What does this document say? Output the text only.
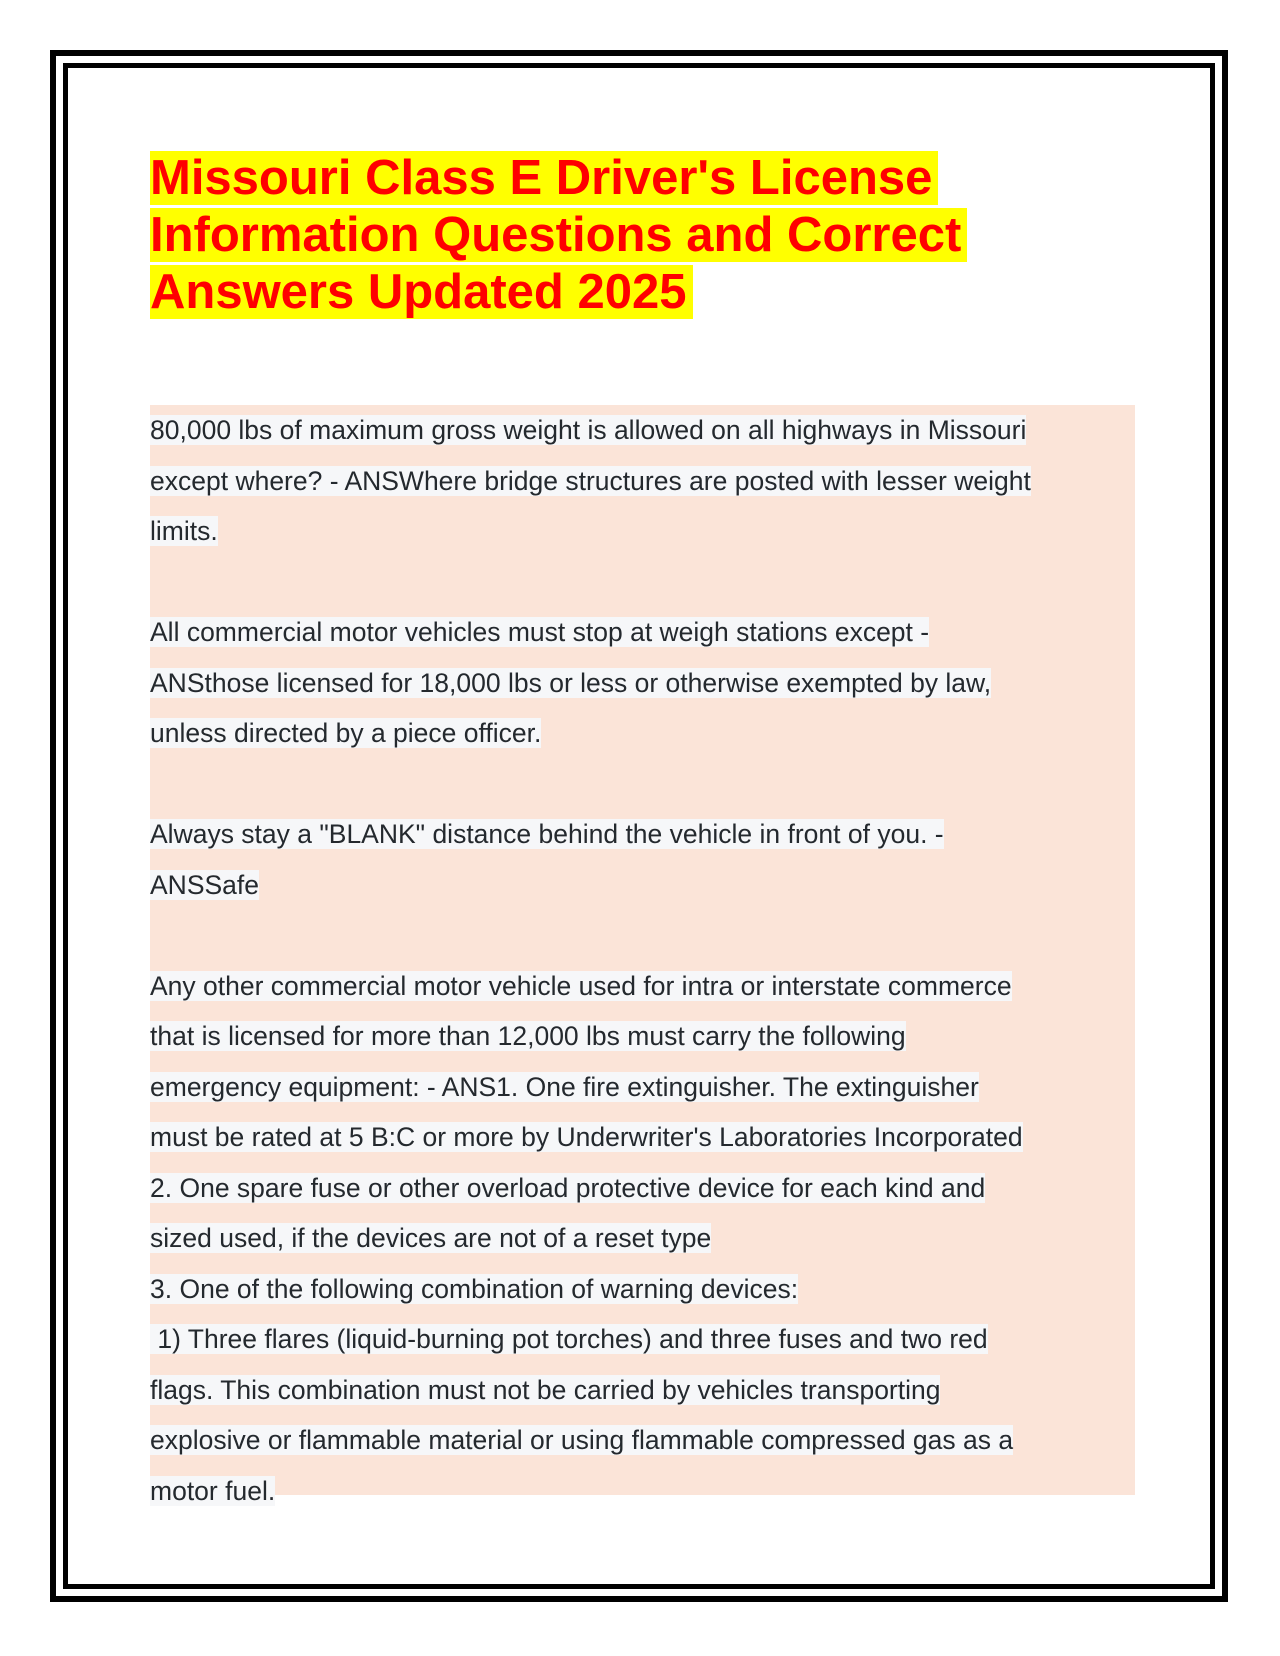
Missouri Class E Driver's License Information Questions and Correct Answers Updated 2025

80,000 lbs of maximum gross weight is allowed on all highways in Missouri
except where? - ANSWhere bridge structures are posted with lesser weight
limits.

All commercial motor vehicles must stop at weigh stations except -
ANSthose licensed for 18,000 lbs or less or otherwise exempted by law,
unless directed by a piece officer.

Always stay a "BLANK" distance behind the vehicle in front of you. -
ANSSafe

Any other commercial motor vehicle used for intra or interstate commerce
that is licensed for more than 12,000 lbs must carry the following
emergency equipment: - ANS1. One fire extinguisher. The extinguisher
must be rated at 5 B:C or more by Underwriter's Laboratories Incorporated
2. One spare fuse or other overload protective device for each kind and
sized used, if the devices are not of a reset type
3. One of the following combination of warning devices:
1) Three flares (liquid-burning pot torches) and three fuses and two red
flags. This combination must not be carried by vehicles transporting
explosive or flammable material or using flammable compressed gas as a
motor fuel.
